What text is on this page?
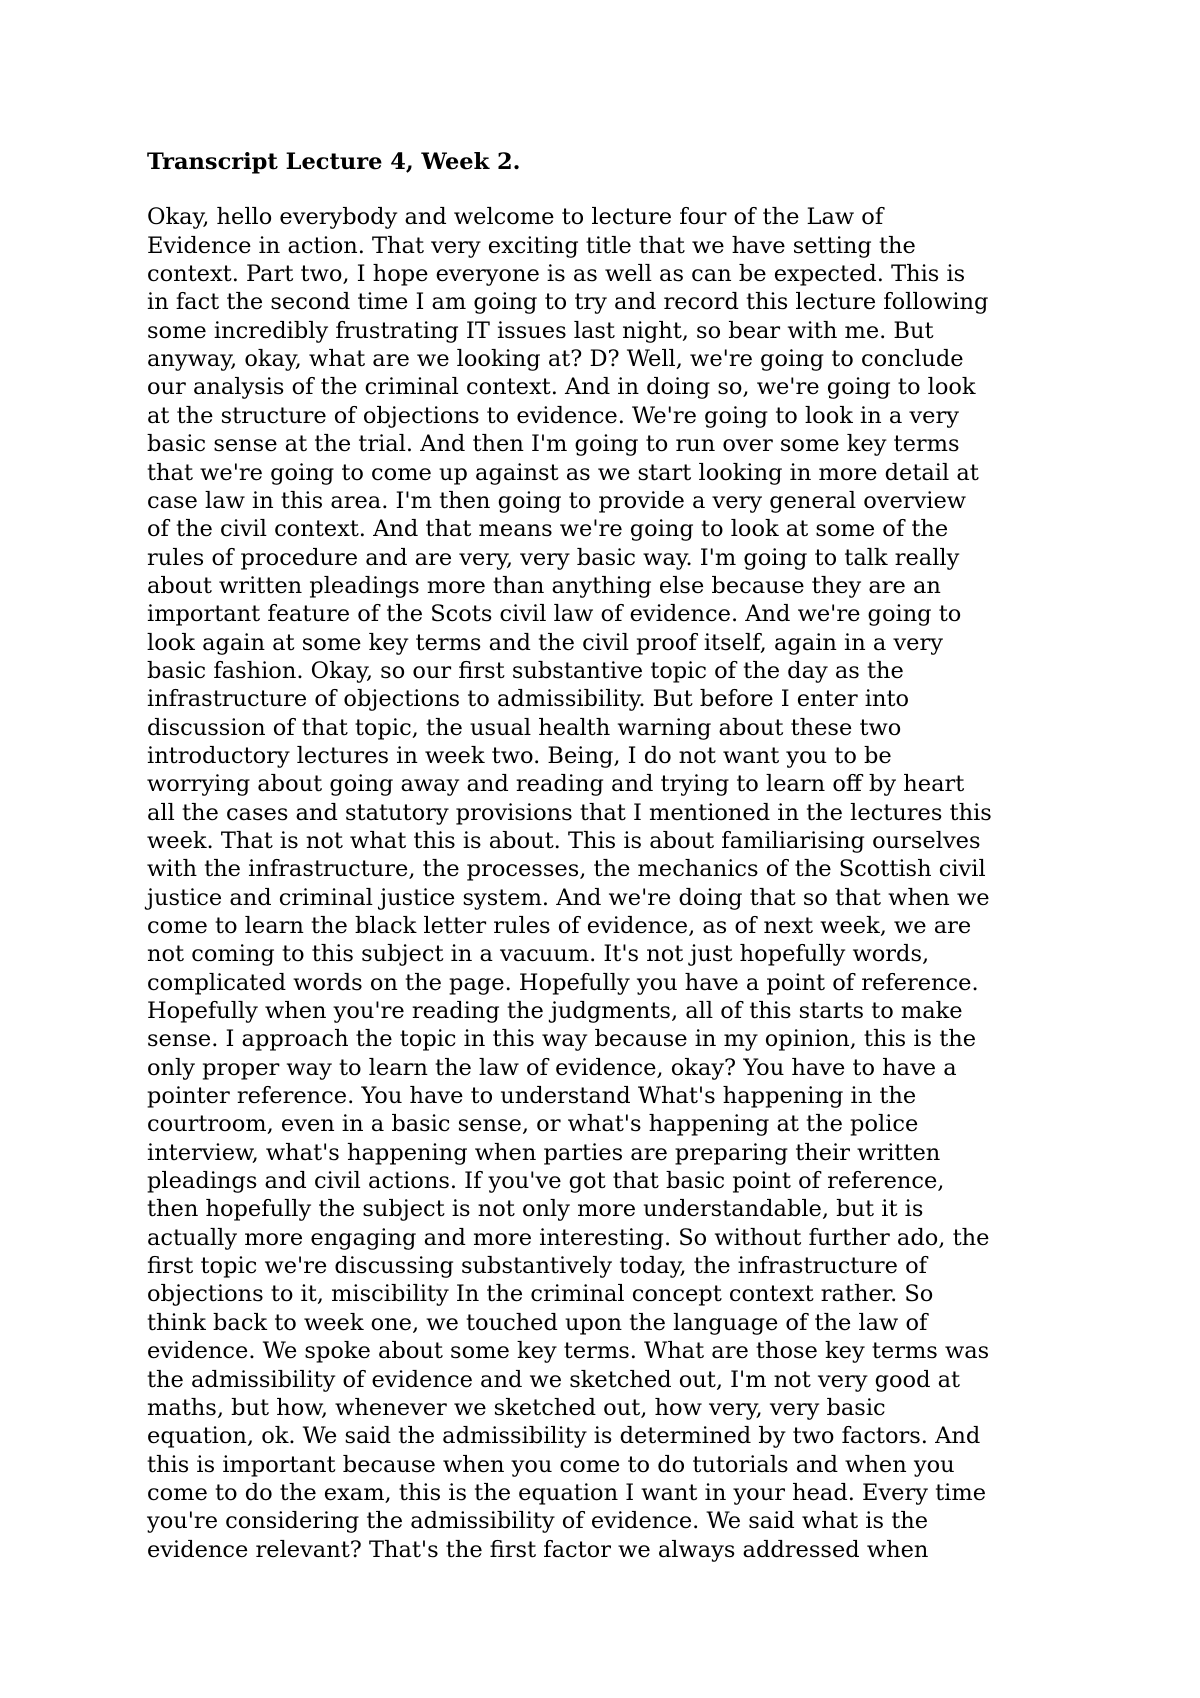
Transcript Lecture 4, Week 2.
Okay, hello everybody and welcome to lecture four of the Law of
Evidence in action. That very exciting title that we have setting the
context. Part two, I hope everyone is as well as can be expected. This is
in fact the second time I am going to try and record this lecture following
some incredibly frustrating IT issues last night, so bear with me. But
anyway, okay, what are we looking at? D? Well, we're going to conclude
our analysis of the criminal context. And in doing so, we're going to look
at the structure of objections to evidence. We're going to look in a very
basic sense at the trial. And then I'm going to run over some key terms
that we're going to come up against as we start looking in more detail at
case law in this area. I'm then going to provide a very general overview
of the civil context. And that means we're going to look at some of the
rules of procedure and are very, very basic way. I'm going to talk really
about written pleadings more than anything else because they are an
important feature of the Scots civil law of evidence. And we're going to
look again at some key terms and the civil proof itself, again in a very
basic fashion. Okay, so our first substantive topic of the day as the
infrastructure of objections to admissibility. But before I enter into
discussion of that topic, the usual health warning about these two
introductory lectures in week two. Being, I do not want you to be
worrying about going away and reading and trying to learn off by heart
all the cases and statutory provisions that I mentioned in the lectures this
week. That is not what this is about. This is about familiarising ourselves
with the infrastructure, the processes, the mechanics of the Scottish civil
justice and criminal justice system. And we're doing that so that when we
come to learn the black letter rules of evidence, as of next week, we are
not coming to this subject in a vacuum. It's not just hopefully words,
complicated words on the page. Hopefully you have a point of reference.
Hopefully when you're reading the judgments, all of this starts to make
sense. I approach the topic in this way because in my opinion, this is the
only proper way to learn the law of evidence, okay? You have to have a
pointer reference. You have to understand What's happening in the
courtroom, even in a basic sense, or what's happening at the police
interview, what's happening when parties are preparing their written
pleadings and civil actions. If you've got that basic point of reference,
then hopefully the subject is not only more understandable, but it is
actually more engaging and more interesting. So without further ado, the
first topic we're discussing substantively today, the infrastructure of
objections to it, miscibility In the criminal concept context rather. So
think back to week one, we touched upon the language of the law of
evidence. We spoke about some key terms. What are those key terms was
the admissibility of evidence and we sketched out, I'm not very good at
maths, but how, whenever we sketched out, how very, very basic
equation, ok. We said the admissibility is determined by two factors. And
this is important because when you come to do tutorials and when you
come to do the exam, this is the equation I want in your head. Every time
you're considering the admissibility of evidence. We said what is the
evidence relevant? That's the first factor we always addressed when
